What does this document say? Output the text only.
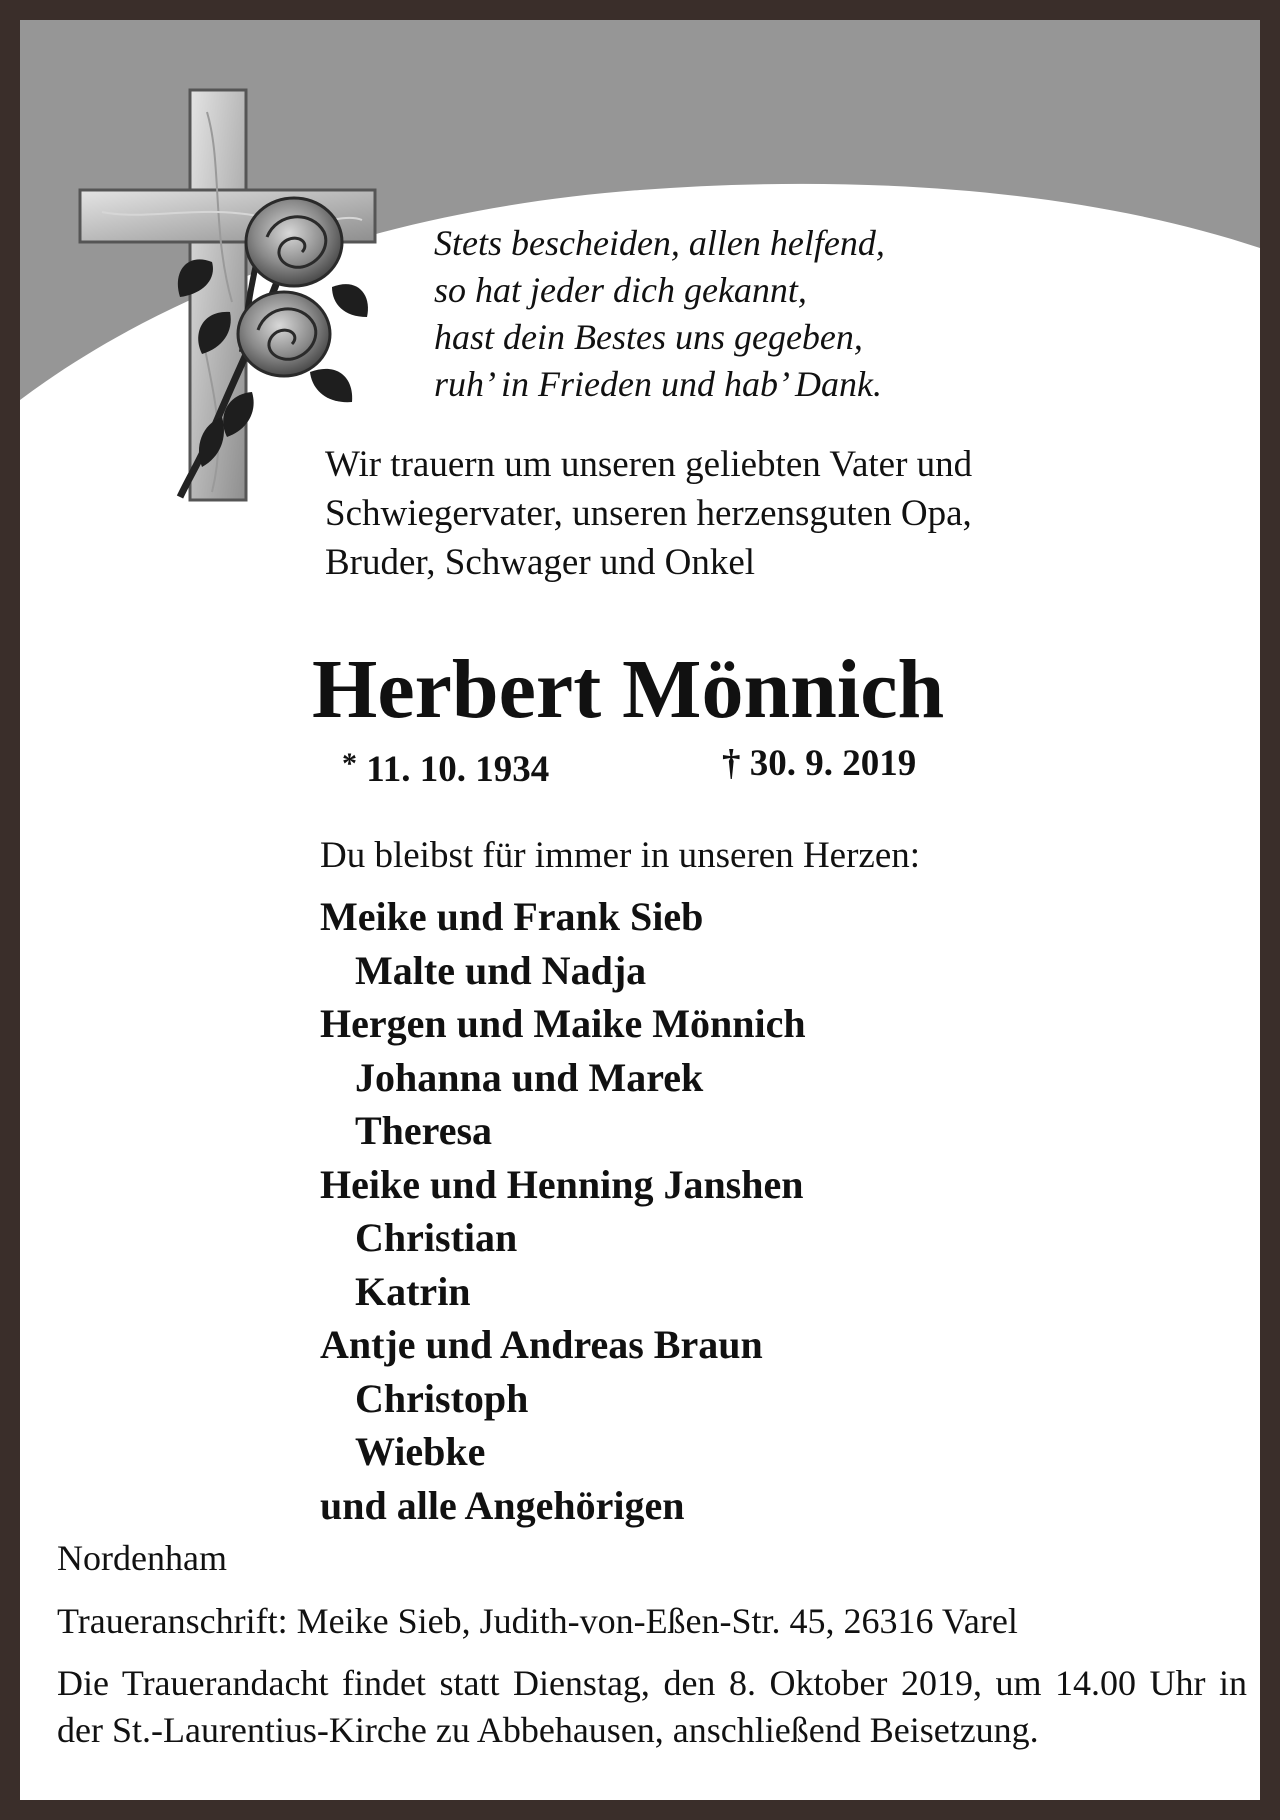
Stets bescheiden, allen helfend,
so hat jeder dich gekannt,
hast dein Bestes uns gegeben,
ruh’ in Frieden und hab’ Dank.
Wir trauern um unseren geliebten Vater und
Schwiegervater, unseren herzensguten Opa,
Bruder, Schwager und Onkel
Herbert Mönnich
* 11. 10. 1934	† 30. 9. 2019
Du bleibst für immer in unseren Herzen:
Meike und Frank Sieb
Malte und Nadja
Hergen und Maike Mönnich
Johanna und Marek
Theresa
Heike und Henning Janshen
Christian
Katrin
Antje und Andreas Braun
Christoph
Wiebke
und alle Angehörigen
Nordenham
Traueranschrift: Meike Sieb, Judith-von-Eßen-Str. 45, 26316 Varel
Die Trauerandacht findet statt Dienstag, den 8. Oktober 2019, um 14.00 Uhr in der St.-Laurentius-Kirche zu Abbehausen, anschließend Beisetzung.
